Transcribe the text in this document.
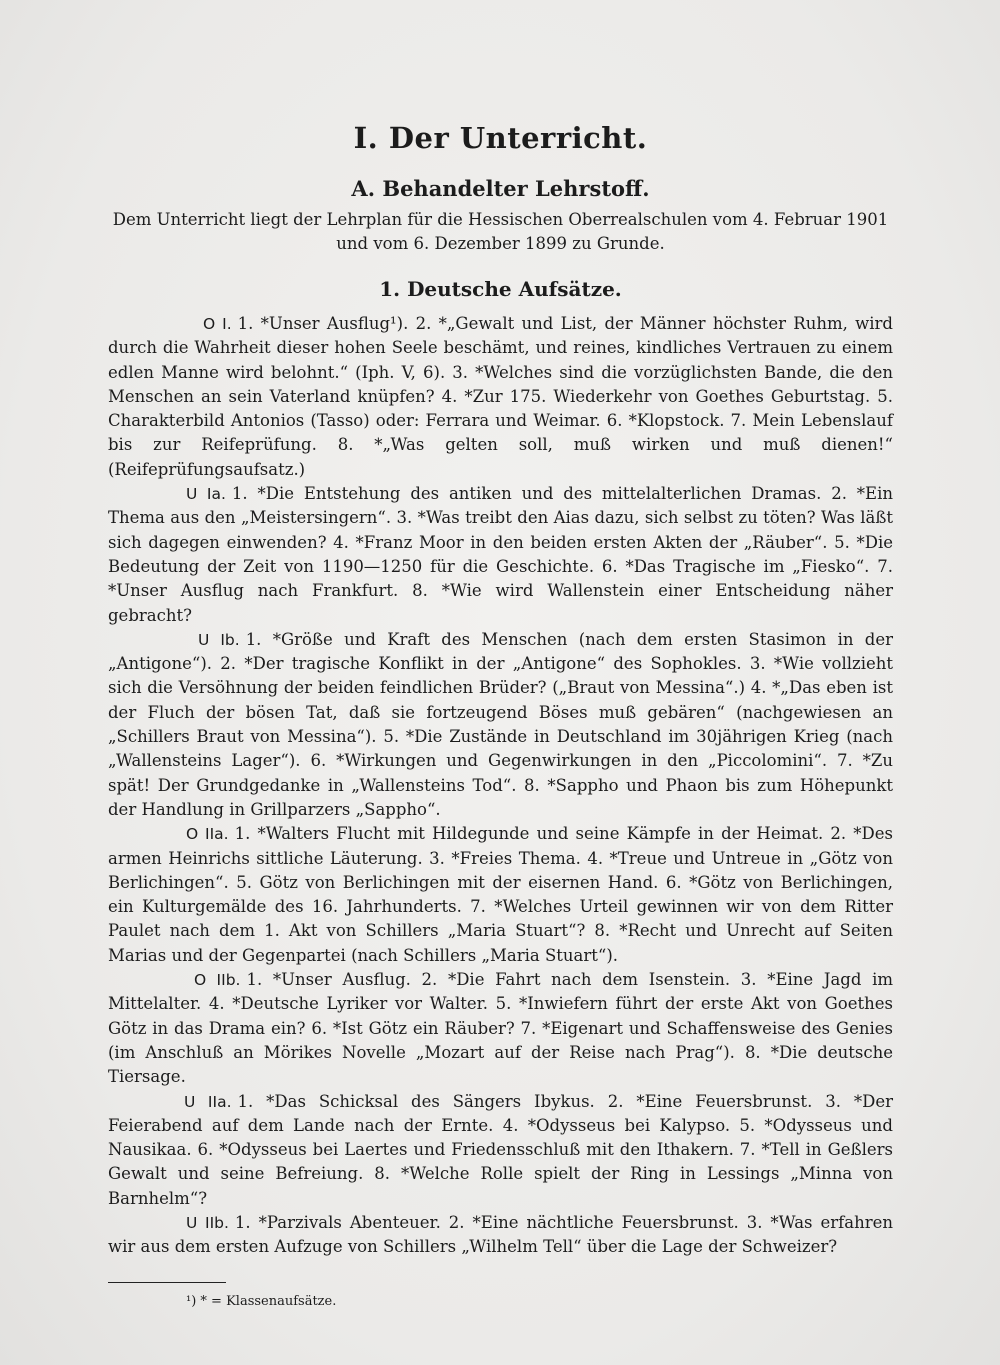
I. Der Unterricht.
A. Behandelter Lehrstoff.

Dem Unterricht liegt der Lehrplan für die Hessischen Oberrealschulen vom 4. Februar 1901 und vom 6. Dezember 1899 zu Grunde.

1. Deutsche Aufsätze.

O I. 1. *Unser Ausflug¹). 2. *„Gewalt und List, der Männer höchster Ruhm, wird durch die Wahrheit dieser hohen Seele beschämt, und reines, kindliches Vertrauen zu einem edlen Manne wird belohnt.“ (Iph. V, 6). 3. *Welches sind die vorzüglichsten Bande, die den Menschen an sein Vaterland knüpfen? 4. *Zur 175. Wiederkehr von Goethes Geburtstag. 5. Charakterbild Antonios (Tasso) oder: Ferrara und Weimar. 6. *Klopstock. 7. Mein Lebenslauf bis zur Reifeprüfung. 8. *„Was gelten soll, muß wirken und muß dienen!“ (Reifeprüfungsaufsatz.)

U Ia. 1. *Die Entstehung des antiken und des mittelalterlichen Dramas. 2. *Ein Thema aus den „Meistersingern“. 3. *Was treibt den Aias dazu, sich selbst zu töten? Was läßt sich dagegen einwenden? 4. *Franz Moor in den beiden ersten Akten der „Räuber“. 5. *Die Bedeutung der Zeit von 1190—1250 für die Geschichte. 6. *Das Tragische im „Fiesko“. 7. *Unser Ausflug nach Frankfurt. 8. *Wie wird Wallenstein einer Entscheidung näher gebracht?

U Ib. 1. *Größe und Kraft des Menschen (nach dem ersten Stasimon in der „Antigone“). 2. *Der tragische Konflikt in der „Antigone“ des Sophokles. 3. *Wie vollzieht sich die Versöhnung der beiden feindlichen Brüder? („Braut von Messina“.) 4. *„Das eben ist der Fluch der bösen Tat, daß sie fortzeugend Böses muß gebären“ (nachgewiesen an „Schillers Braut von Messina“). 5. *Die Zustände in Deutschland im 30jährigen Krieg (nach „Wallensteins Lager“). 6. *Wirkungen und Gegenwirkungen in den „Piccolomini“. 7. *Zu spät! Der Grundgedanke in „Wallensteins Tod“. 8. *Sappho und Phaon bis zum Höhepunkt der Handlung in Grillparzers „Sappho“.

O IIa. 1. *Walters Flucht mit Hildegunde und seine Kämpfe in der Heimat. 2. *Des armen Heinrichs sittliche Läuterung. 3. *Freies Thema. 4. *Treue und Untreue in „Götz von Berlichingen“. 5. Götz von Berlichingen mit der eisernen Hand. 6. *Götz von Berlichingen, ein Kulturgemälde des 16. Jahrhunderts. 7. *Welches Urteil gewinnen wir von dem Ritter Paulet nach dem 1. Akt von Schillers „Maria Stuart“? 8. *Recht und Unrecht auf Seiten Marias und der Gegenpartei (nach Schillers „Maria Stuart“).

O IIb. 1. *Unser Ausflug. 2. *Die Fahrt nach dem Isenstein. 3. *Eine Jagd im Mittelalter. 4. *Deutsche Lyriker vor Walter. 5. *Inwiefern führt der erste Akt von Goethes Götz in das Drama ein? 6. *Ist Götz ein Räuber? 7. *Eigenart und Schaffensweise des Genies (im Anschluß an Mörikes Novelle „Mozart auf der Reise nach Prag“). 8. *Die deutsche Tiersage.

U IIa. 1. *Das Schicksal des Sängers Ibykus. 2. *Eine Feuersbrunst. 3. *Der Feierabend auf dem Lande nach der Ernte. 4. *Odysseus bei Kalypso. 5. *Odysseus und Nausikaa. 6. *Odysseus bei Laertes und Friedensschluß mit den Ithakern. 7. *Tell in Geßlers Gewalt und seine Befreiung. 8. *Welche Rolle spielt der Ring in Lessings „Minna von Barnhelm“?

U IIb. 1. *Parzivals Abenteuer. 2. *Eine nächtliche Feuersbrunst. 3. *Was erfahren wir aus dem ersten Aufzuge von Schillers „Wilhelm Tell“ über die Lage der Schweizer?

¹) * = Klassenaufsätze.
